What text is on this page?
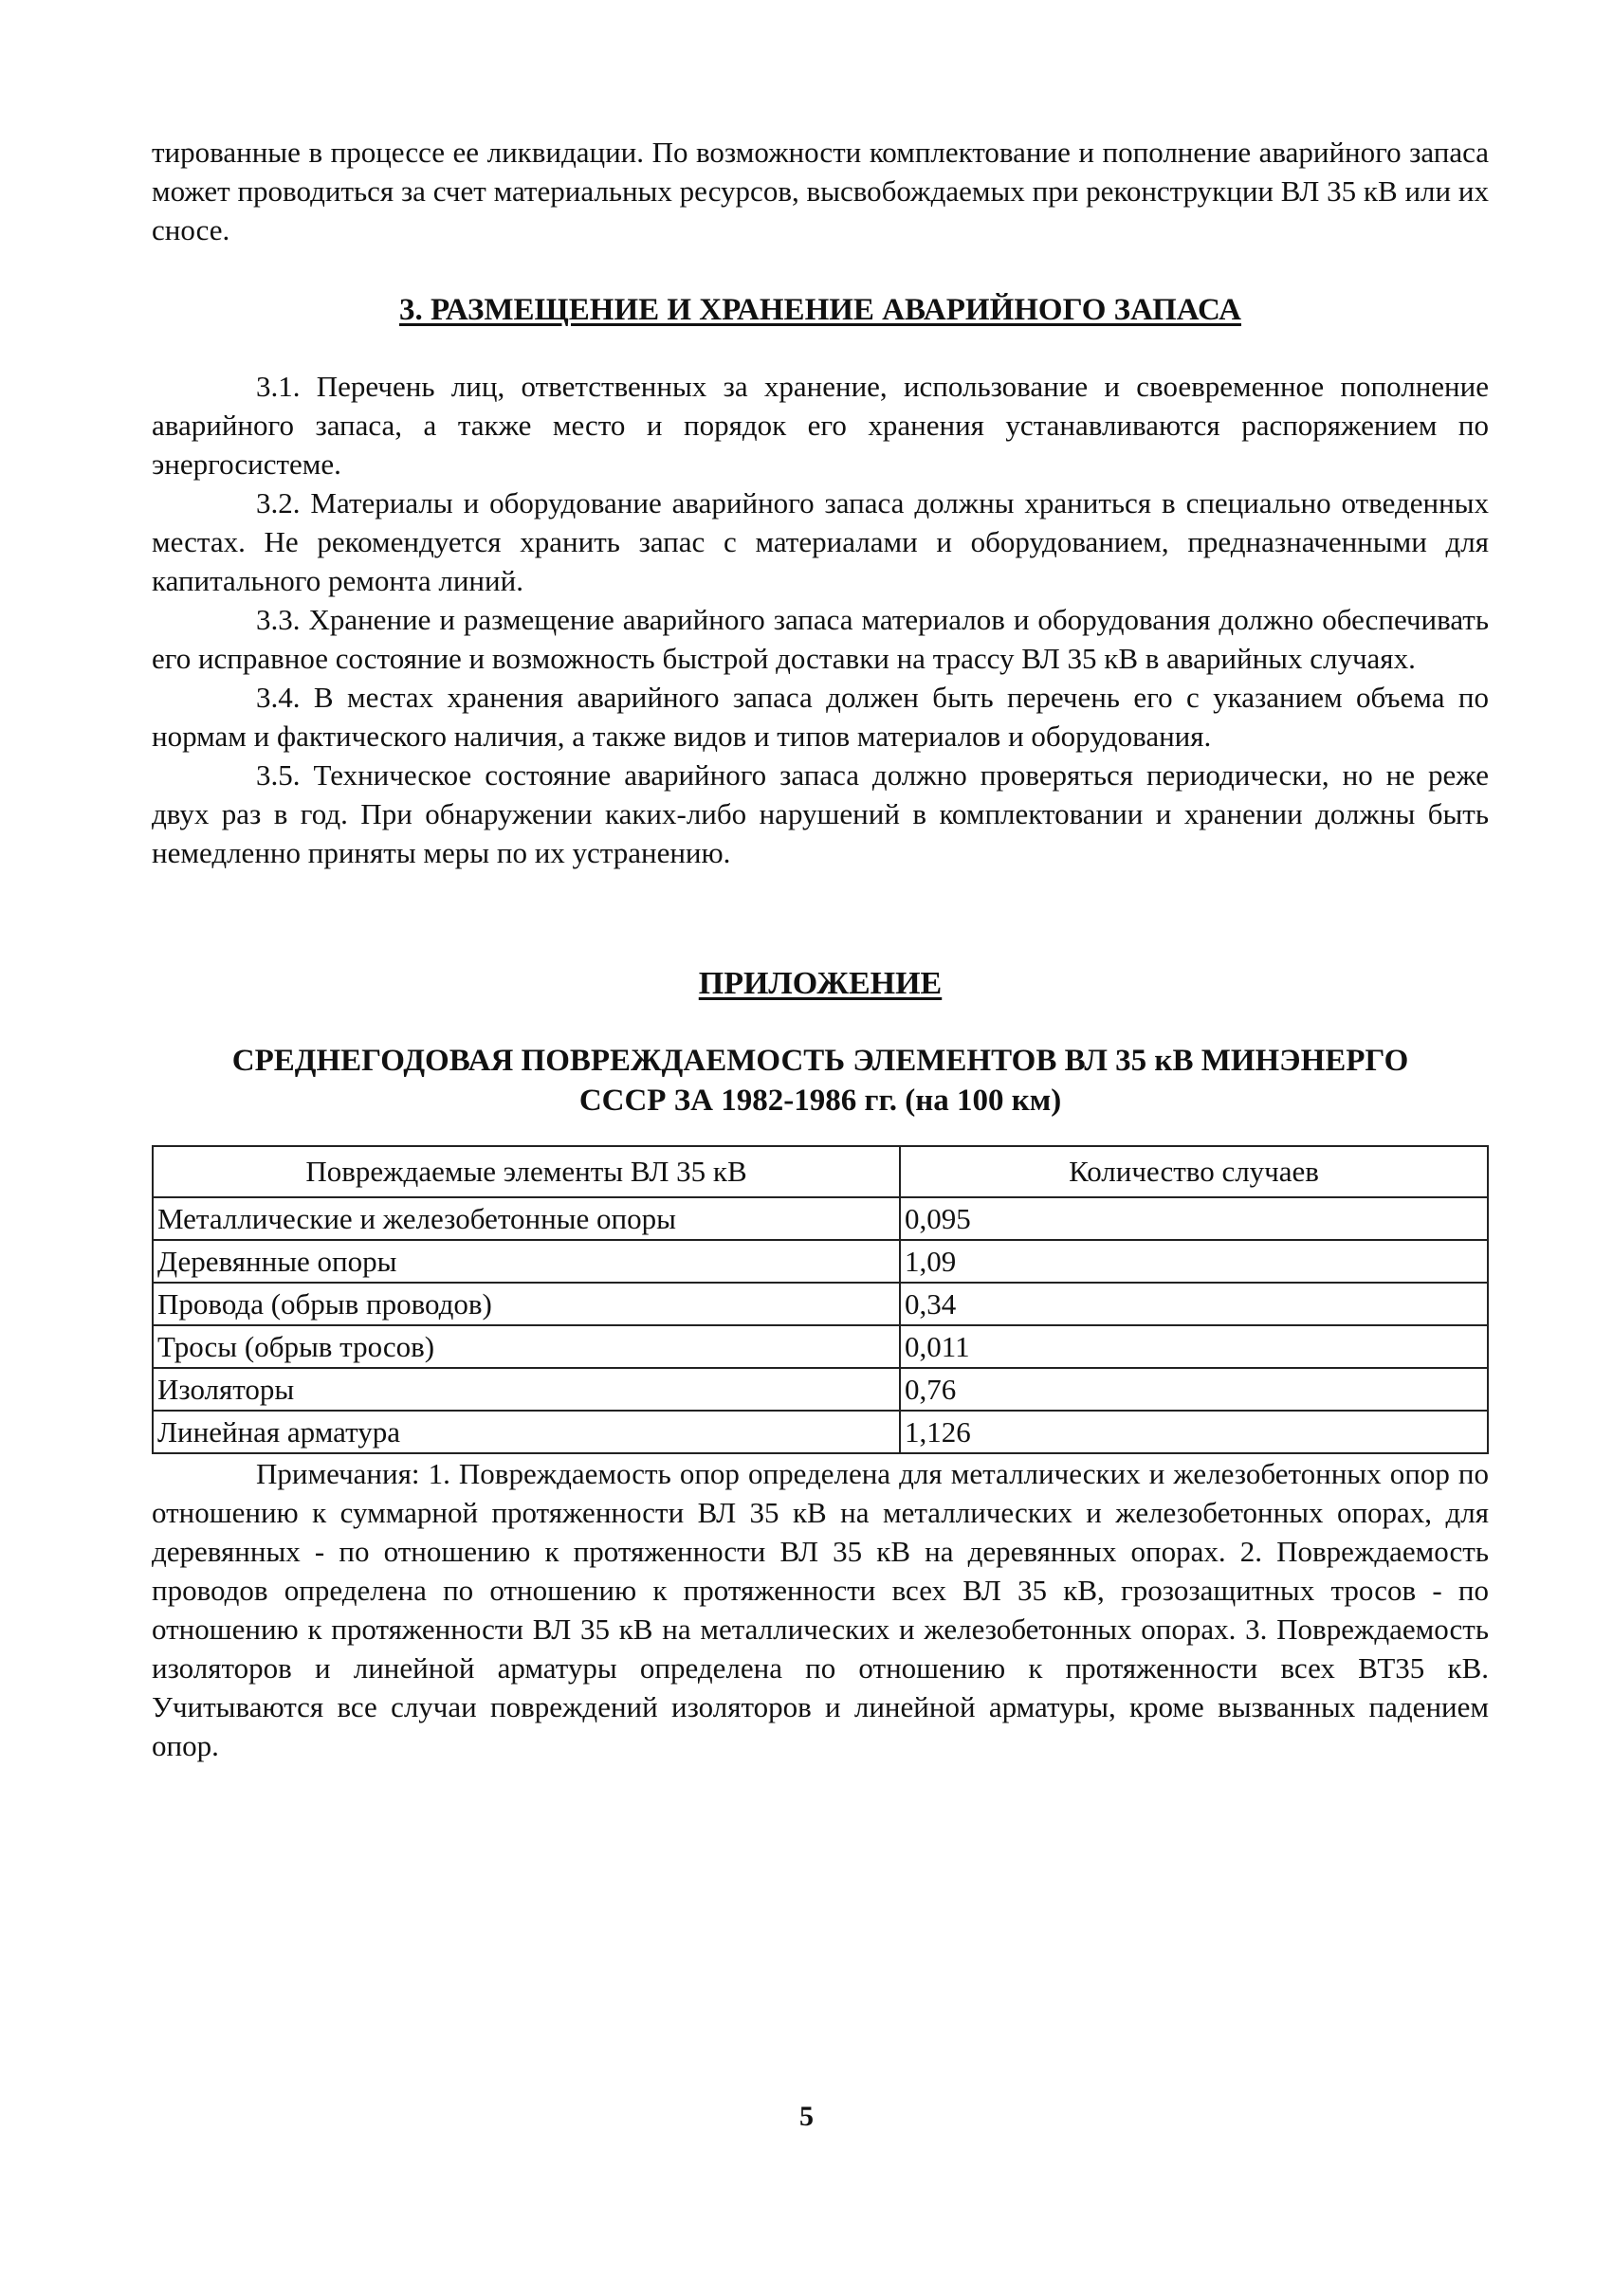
тированные в процессе ее ликвидации. По возможности комплектование и пополнение аварийного запаса может проводиться за счет материальных ресурсов, высвобождаемых при реконструкции ВЛ 35 кВ или их сносе.

3. РАЗМЕЩЕНИЕ И ХРАНЕНИЕ АВАРИЙНОГО ЗАПАСА

3.1. Перечень лиц, ответственных за хранение, использование и своевременное пополнение аварийного запаса, а также место и порядок его хранения устанавливаются распоряжением по энергосистеме.

3.2. Материалы и оборудование аварийного запаса должны храниться в специально отведенных местах. Не рекомендуется хранить запас с материалами и оборудованием, предназначенными для капитального ремонта линий.

3.3. Хранение и размещение аварийного запаса материалов и оборудования должно обеспечивать его исправное состояние и возможность быстрой доставки на трассу ВЛ 35 кВ в аварийных случаях.

3.4. В местах хранения аварийного запаса должен быть перечень его с указанием объема по нормам и фактического наличия, а также видов и типов материалов и оборудования.

3.5. Техническое состояние аварийного запаса должно проверяться периодически, но не реже двух раз в год. При обнаружении каких-либо нарушений в комплектовании и хранении должны быть немедленно приняты меры по их устранению.

ПРИЛОЖЕНИЕ
СРЕДНЕГОДОВАЯ ПОВРЕЖДАЕМОСТЬ ЭЛЕМЕНТОВ ВЛ 35 кВ МИНЭНЕРГО
СССР ЗА 1982-1986 гг. (на 100 км)
Повреждаемые элементы ВЛ 35 кВ	Количество случаев
Металлические и железобетонные опоры	0,095
Деревянные опоры	1,09
Провода (обрыв проводов)	0,34
Тросы (обрыв тросов)	0,011
Изоляторы	0,76
Линейная арматура	1,126

Примечания: 1. Повреждаемость опор определена для металлических и железобетонных опор по отношению к суммарной протяженности ВЛ 35 кВ на металлических и железобетонных опорах, для деревянных - по отношению к протяженности ВЛ 35 кВ на деревянных опорах. 2. Повреждаемость проводов определена по отношению к протяженности всех ВЛ 35 кВ, грозозащитных тросов - по отношению к протяженности ВЛ 35 кВ на металлических и железобетонных опорах. 3. Повреждаемость изоляторов и линейной арматуры определена по отношению к протяженности всех ВТ35 кВ. Учитываются все случаи повреждений изоляторов и линейной арматуры, кроме вызванных падением опор.

5
